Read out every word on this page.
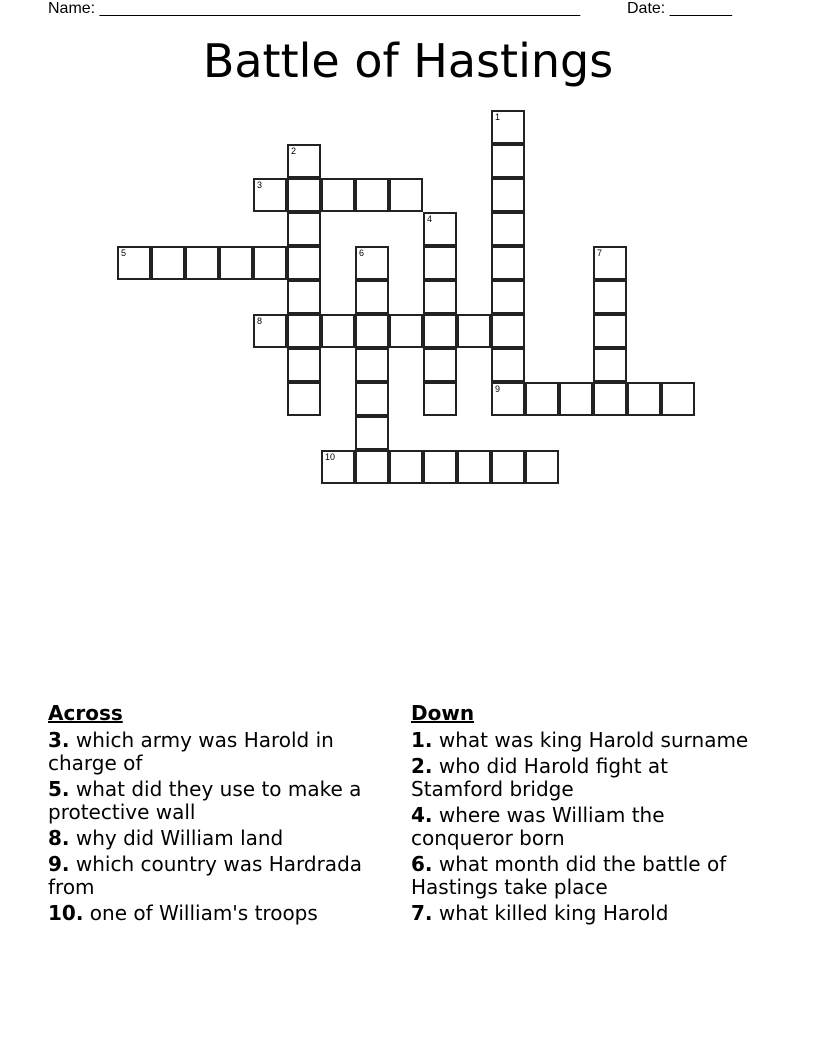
Name: ______________________________________________________	Date: _______
Battle of Hastings
1
9
2
3
4
5	6	7
8
10
Across
3. which army was Harold in charge of
5. what did they use to make a protective wall
8. why did William land
9. which country was Hardrada from
10. one of William's troops
Down
1. what was king Harold surname
2. who did Harold fight at Stamford bridge
4. where was William the conqueror born
6. what month did the battle of Hastings take place
7. what killed king Harold
